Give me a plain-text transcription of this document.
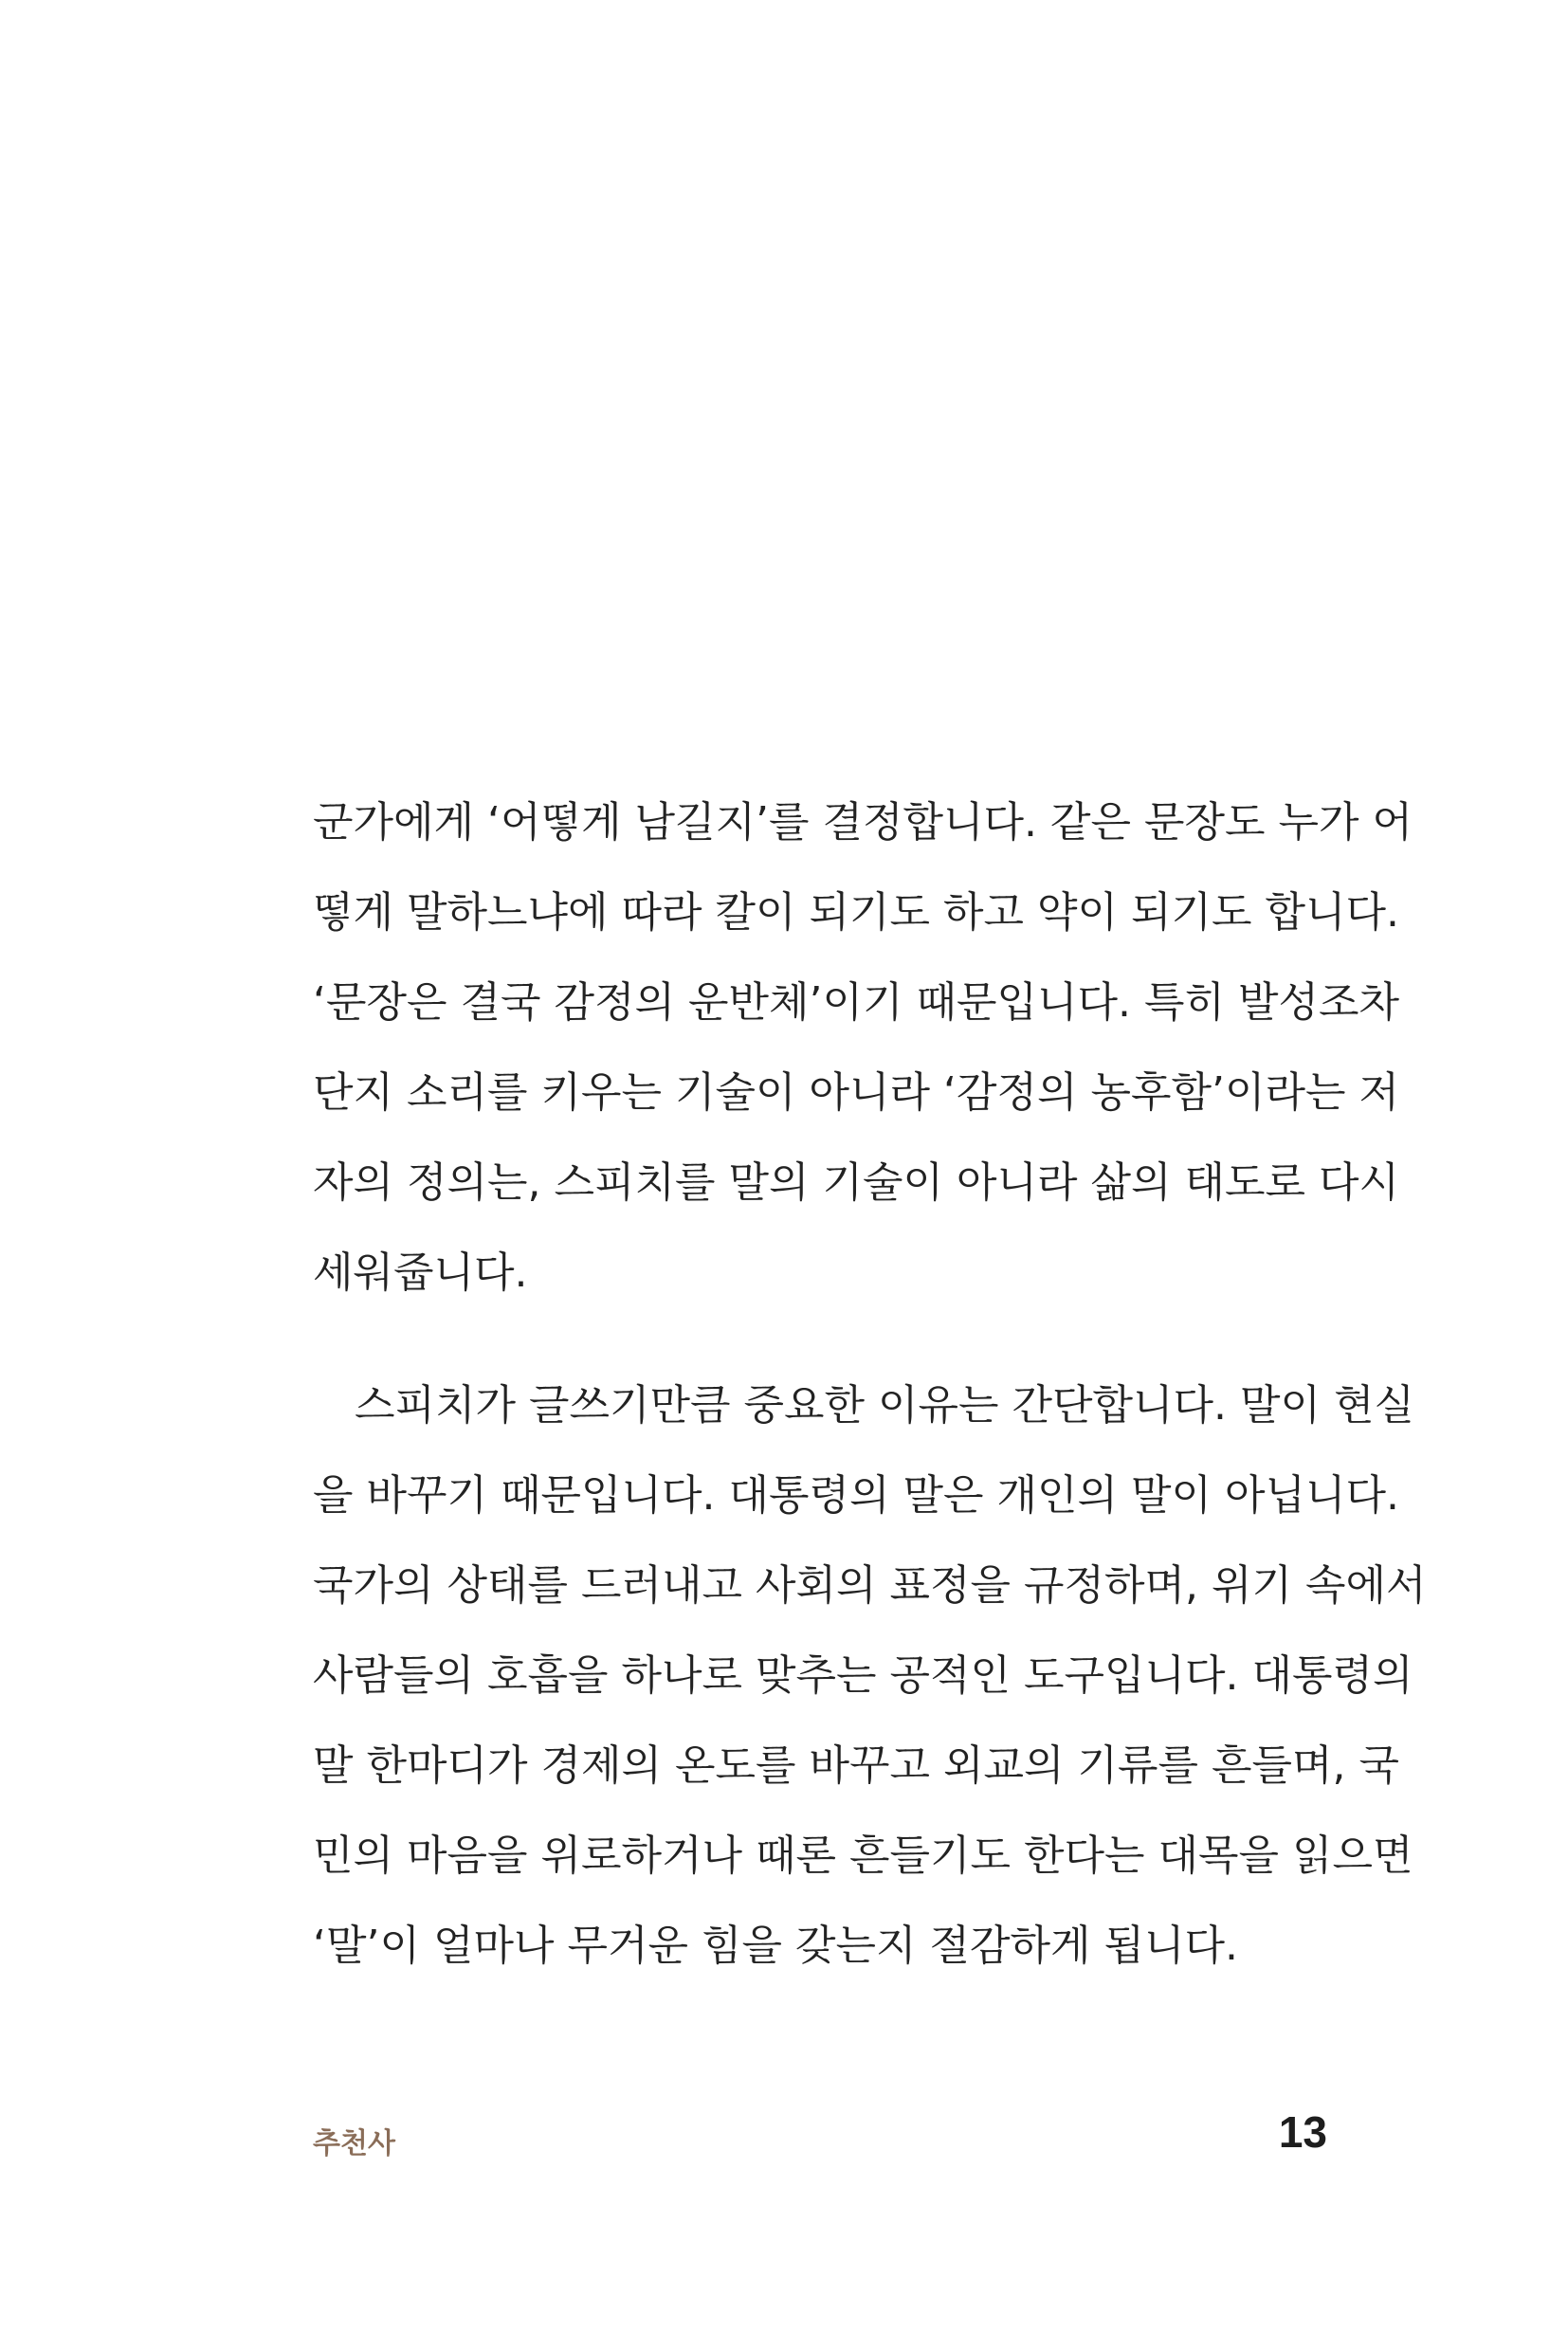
군가에게 ‘어떻게 남길지’를 결정합니다. 같은 문장도 누가 어
떻게 말하느냐에 따라 칼이 되기도 하고 약이 되기도 합니다.
‘문장은 결국 감정의 운반체’이기 때문입니다. 특히 발성조차
단지 소리를 키우는 기술이 아니라 ‘감정의 농후함’이라는 저
자의 정의는, 스피치를 말의 기술이 아니라 삶의 태도로 다시
세워줍니다.
스피치가 글쓰기만큼 중요한 이유는 간단합니다. 말이 현실
을 바꾸기 때문입니다. 대통령의 말은 개인의 말이 아닙니다.
국가의 상태를 드러내고 사회의 표정을 규정하며, 위기 속에서
사람들의 호흡을 하나로 맞추는 공적인 도구입니다. 대통령의
말 한마디가 경제의 온도를 바꾸고 외교의 기류를 흔들며, 국
민의 마음을 위로하거나 때론 흔들기도 한다는 대목을 읽으면
‘말’이 얼마나 무거운 힘을 갖는지 절감하게 됩니다.
추천사	13
